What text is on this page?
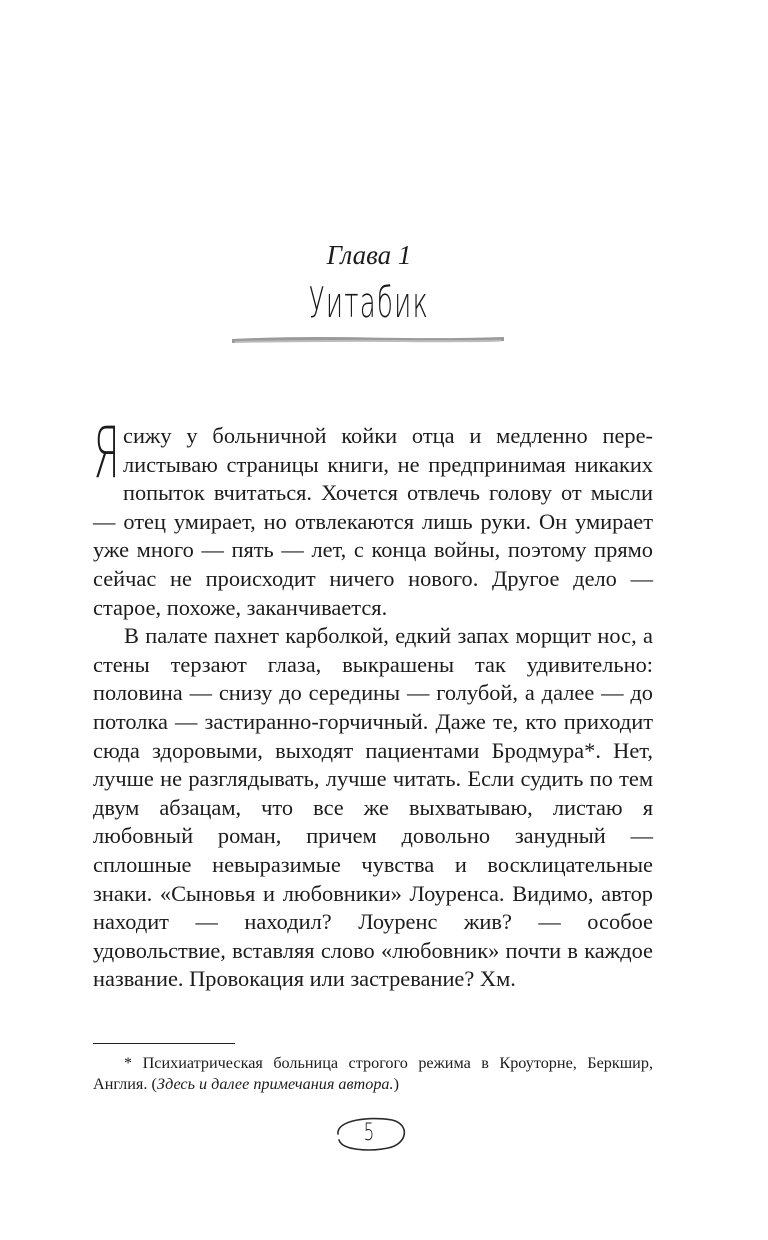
Глава 1
Уитабик

Я сижу у больничной койки отца и медленно перелистываю страницы книги, не предпринимая никаких попыток вчитаться. Хочется отвлечь голову от мысли — отец умирает, но отвлекаются лишь руки. Он умирает уже много — пять — лет, с конца войны, поэтому прямо сейчас не происходит ничего нового. Другое дело — старое, похоже, заканчивается.

В палате пахнет карболкой, едкий запах морщит нос, а стены терзают глаза, выкрашены так удивительно: половина — снизу до середины — голубой, а далее — до потолка — застиранно-горчичный. Даже те, кто приходит сюда здоровыми, выходят пациентами Бродмура*. Нет, лучше не разглядывать, лучше читать. Если судить по тем двум абзацам, что все же выхватываю, листаю я любовный роман, причем довольно занудный — сплошные невыразимые чувства и восклицательные знаки. «Сыновья и любовники» Лоуренса. Видимо, автор находит — находил? Лоуренс жив? — особое удовольствие, вставляя слово «любовник» почти в каждое название. Провокация или застревание? Хм.

* Психиатрическая больница строгого режима в Кроуторне, Беркшир, Англия. (Здесь и далее примечания автора.)
5
